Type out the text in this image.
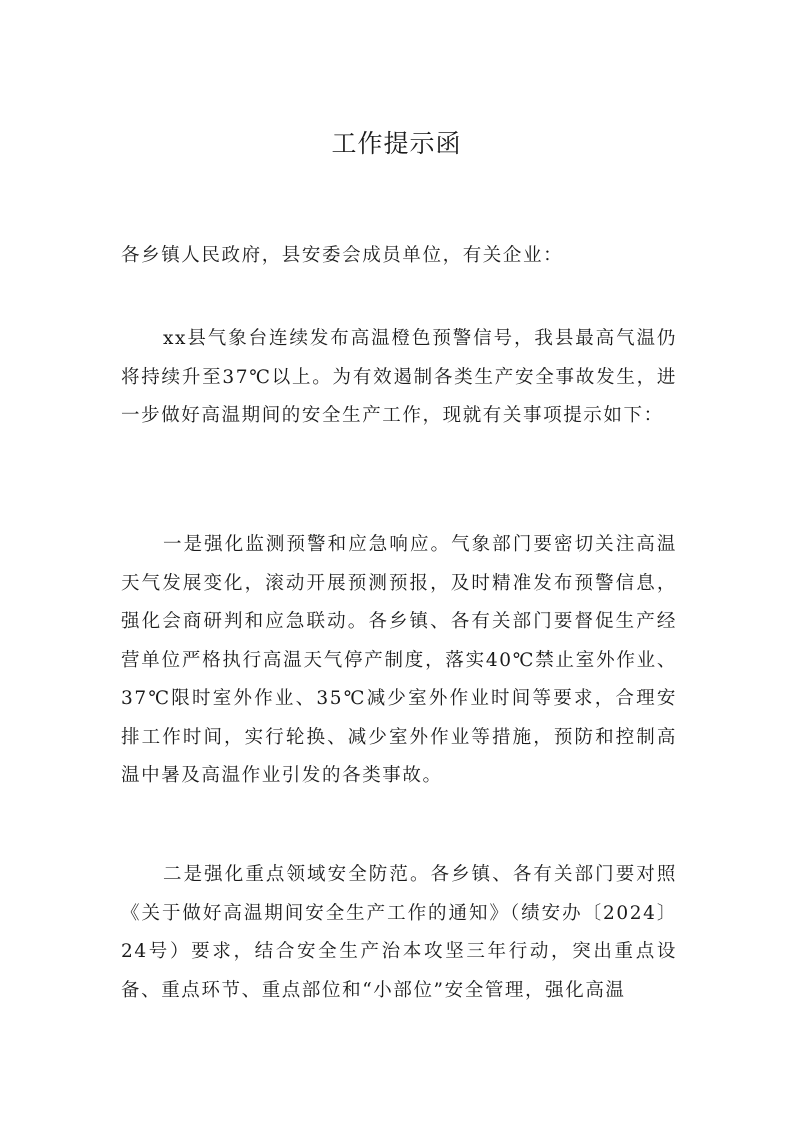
工作提示函

各乡镇人民政府，县安委会成员单位，有关企业：

xx县气象台连续发布高温橙色预警信号，我县最高气温仍将持续升至37℃以上。为有效遏制各类生产安全事故发生，进一步做好高温期间的安全生产工作，现就有关事项提示如下：

一是强化监测预警和应急响应。气象部门要密切关注高温天气发展变化，滚动开展预测预报，及时精准发布预警信息，强化会商研判和应急联动。各乡镇、各有关部门要督促生产经营单位严格执行高温天气停产制度，落实40℃禁止室外作业、37℃限时室外作业、35℃减少室外作业时间等要求，合理安排工作时间，实行轮换、减少室外作业等措施，预防和控制高温中暑及高温作业引发的各类事故。

二是强化重点领域安全防范。各乡镇、各有关部门要对照《关于做好高温期间安全生产工作的通知》（绩安办〔2024〕24号）要求，结合安全生产治本攻坚三年行动，突出重点设备、重点环节、重点部位和“小部位”安全管理，强化高温
